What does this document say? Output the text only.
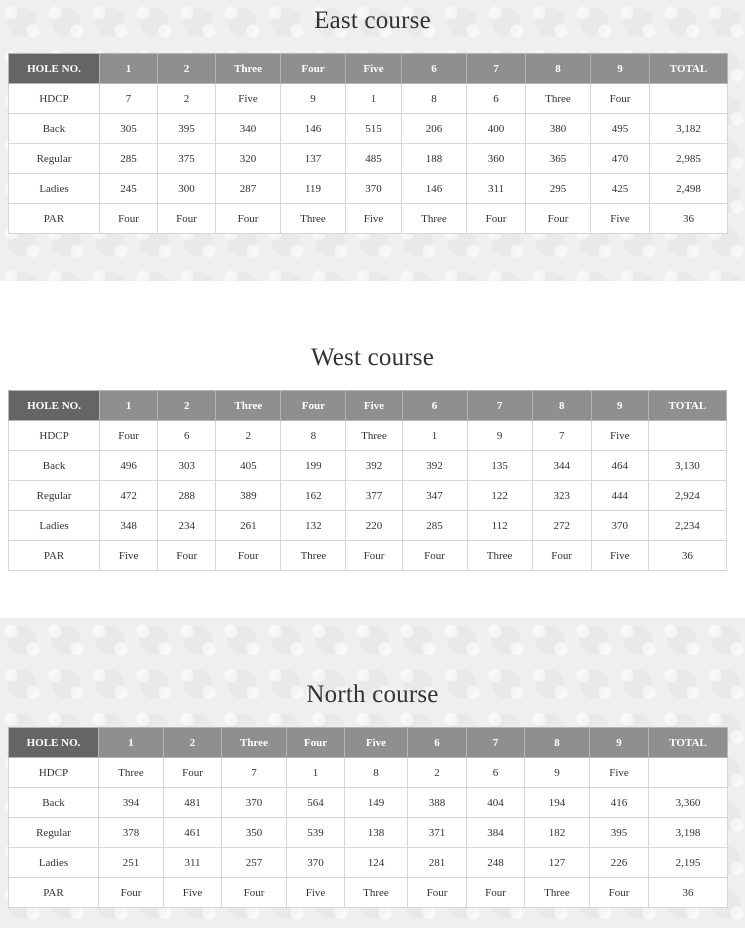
East course
HOLE NO.	1	2	Three	Four	Five	6	7	8	9	TOTAL
HDCP	7	2	Five	9	1	8	6	Three	Four	
Back	305	395	340	146	515	206	400	380	495	3,182
Regular	285	375	320	137	485	188	360	365	470	2,985
Ladies	245	300	287	119	370	146	311	295	425	2,498
PAR	Four	Four	Four	Three	Five	Three	Four	Four	Five	36
West course
HOLE NO.	1	2	Three	Four	Five	6	7	8	9	TOTAL
HDCP	Four	6	2	8	Three	1	9	7	Five	
Back	496	303	405	199	392	392	135	344	464	3,130
Regular	472	288	389	162	377	347	122	323	444	2,924
Ladies	348	234	261	132	220	285	112	272	370	2,234
PAR	Five	Four	Four	Three	Four	Four	Three	Four	Five	36
North course
HOLE NO.	1	2	Three	Four	Five	6	7	8	9	TOTAL
HDCP	Three	Four	7	1	8	2	6	9	Five	
Back	394	481	370	564	149	388	404	194	416	3,360
Regular	378	461	350	539	138	371	384	182	395	3,198
Ladies	251	311	257	370	124	281	248	127	226	2,195
PAR	Four	Five	Four	Five	Three	Four	Four	Three	Four	36
